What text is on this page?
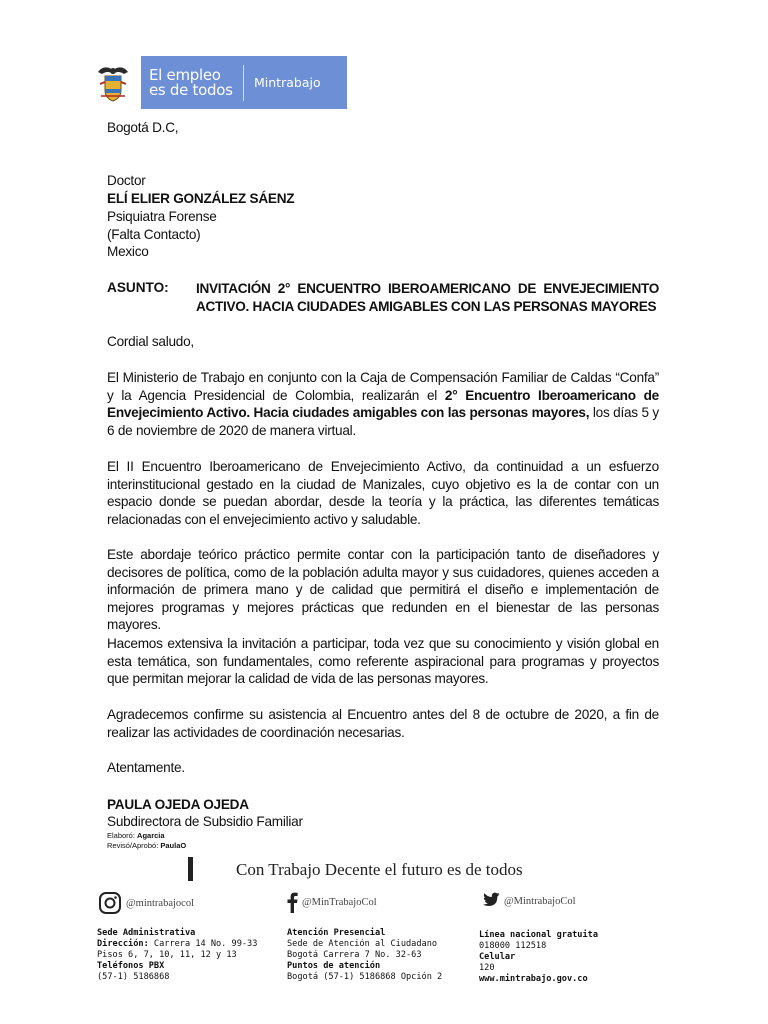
El empleo
es de todos	Mintrabajo
Bogotá D.C,
Doctor
ELÍ ELIER GONZÁLEZ SÁENZ
Psiquiatra Forense
(Falta Contacto)
Mexico
ASUNTO: INVITACIÓN 2° ENCUENTRO IBEROAMERICANO DE ENVEJECIMIENTO ACTIVO. HACIA CIUDADES AMIGABLES CON LAS PERSONAS MAYORES
Cordial saludo,
El Ministerio de Trabajo en conjunto con la Caja de Compensación Familiar de Caldas “Confa” y la Agencia Presidencial de Colombia, realizarán el 2° Encuentro Iberoamericano de Envejecimiento Activo. Hacia ciudades amigables con las personas mayores, los días 5 y 6 de noviembre de 2020 de manera virtual.
El II Encuentro Iberoamericano de Envejecimiento Activo, da continuidad a un esfuerzo interinstitucional gestado en la ciudad de Manizales, cuyo objetivo es la de contar con un espacio donde se puedan abordar, desde la teoría y la práctica, las diferentes temáticas relacionadas con el envejecimiento activo y saludable.
Este abordaje teórico práctico permite contar con la participación tanto de diseñadores y decisores de política, como de la población adulta mayor y sus cuidadores, quienes acceden a información de primera mano y de calidad que permitirá el diseño e implementación de mejores programas y mejores prácticas que redunden en el bienestar de las personas mayores.
Hacemos extensiva la invitación a participar, toda vez que su conocimiento y visión global en esta temática, son fundamentales, como referente aspiracional para programas y proyectos que permitan mejorar la calidad de vida de las personas mayores.
Agradecemos confirme su asistencia al Encuentro antes del 8 de octubre de 2020, a fin de realizar las actividades de coordinación necesarias.
Atentamente.
PAULA OJEDA OJEDA
Subdirectora de Subsidio Familiar
Elaboró: Agarcia
Revisó/Aprobó: PaulaO
Con Trabajo Decente el futuro es de todos
@mintrabajocol	@MinTrabajoCol	@MintrabajoCol
Sede Administrativa
Dirección: Carrera 14 No. 99-33
Pisos 6, 7, 10, 11, 12 y 13
Teléfonos PBX
(57-1) 5186868
Atención Presencial
Sede de Atención al Ciudadano
Bogotá Carrera 7 No. 32-63
Puntos de atención
Bogotá (57-1) 5186868 Opción 2
Línea nacional gratuita
018000 112518
Celular
120
www.mintrabajo.gov.co
